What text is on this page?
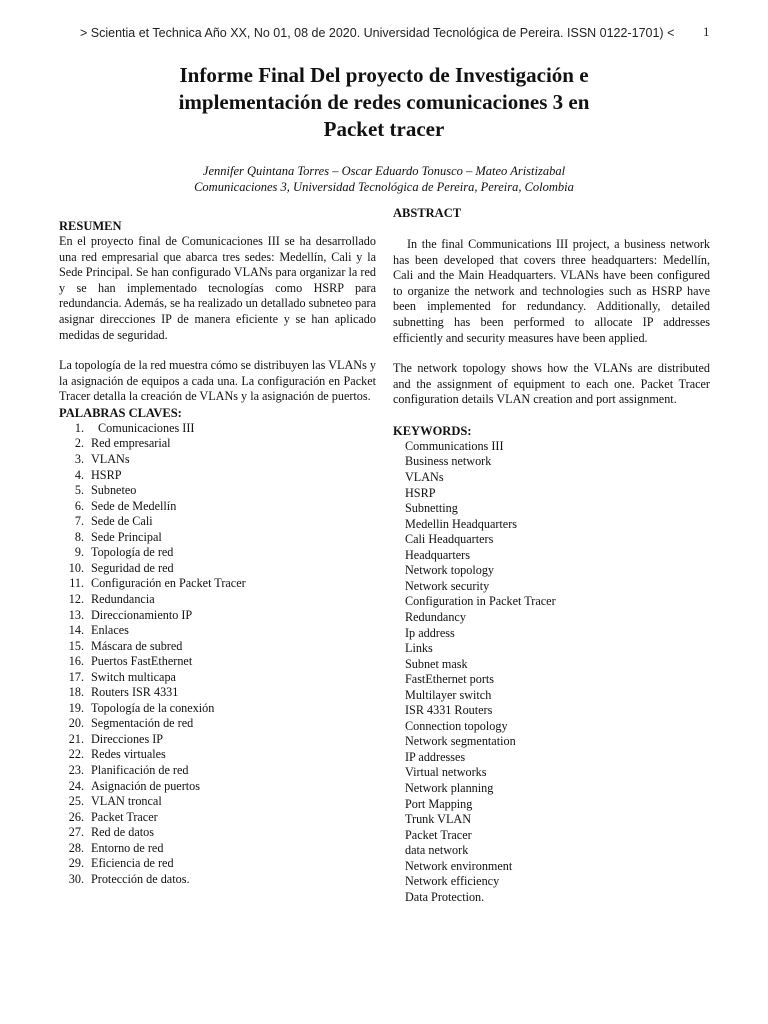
> Scientia et Technica Año XX, No 01, 08 de 2020. Universidad Tecnológica de Pereira. ISSN 0122-1701) < 1
Informe Final Del proyecto de Investigación e
implementación de redes comunicaciones 3 en
Packet tracer
Jennifer Quintana Torres – Oscar Eduardo Tonusco – Mateo Aristizabal
Comunicaciones 3, Universidad Tecnológica de Pereira, Pereira, Colombia
RESUMEN

En el proyecto final de Comunicaciones III se ha desarrollado una red empresarial que abarca tres sedes: Medellín, Cali y la Sede Principal. Se han configurado VLANs para organizar la red y se han implementado tecnologías como HSRP para redundancia. Además, se ha realizado un detallado subneteo para asignar direcciones IP de manera eficiente y se han aplicado medidas de seguridad.

La topología de la red muestra cómo se distribuyen las VLANs y la asignación de equipos a cada una. La configuración en Packet Tracer detalla la creación de VLANs y la asignación de puertos.

PALABRAS CLAVES:
1.	Comunicaciones III
2. Red empresarial
3. VLANs
4. HSRP
5. Subneteo
6. Sede de Medellín
7. Sede de Cali
8. Sede Principal
9. Topología de red
10. Seguridad de red
11. Configuración en Packet Tracer
12. Redundancia
13. Direccionamiento IP
14. Enlaces
15. Máscara de subred
16. Puertos FastEthernet
17. Switch multicapa
18. Routers ISR 4331
19. Topología de la conexión
20. Segmentación de red
21. Direcciones IP
22. Redes virtuales
23. Planificación de red
24. Asignación de puertos
25. VLAN troncal
26. Packet Tracer
27. Red de datos
28. Entorno de red
29. Eficiencia de red
30. Protección de datos.
ABSTRACT

In the final Communications III project, a business network has been developed that covers three headquarters: Medellín, Cali and the Main Headquarters. VLANs have been configured to organize the network and technologies such as HSRP have been implemented for redundancy. Additionally, detailed subnetting has been performed to allocate IP addresses efficiently and security measures have been applied.

The network topology shows how the VLANs are distributed and the assignment of equipment to each one. Packet Tracer configuration details VLAN creation and port assignment.

KEYWORDS:
Communications III
Business network
VLANs
HSRP
Subnetting
Medellin Headquarters
Cali Headquarters
Headquarters
Network topology
Network security
Configuration in Packet Tracer
Redundancy
Ip address
Links
Subnet mask
FastEthernet ports
Multilayer switch
ISR 4331 Routers
Connection topology
Network segmentation
IP addresses
Virtual networks
Network planning
Port Mapping
Trunk VLAN
Packet Tracer
data network
Network environment
Network efficiency
Data Protection.
